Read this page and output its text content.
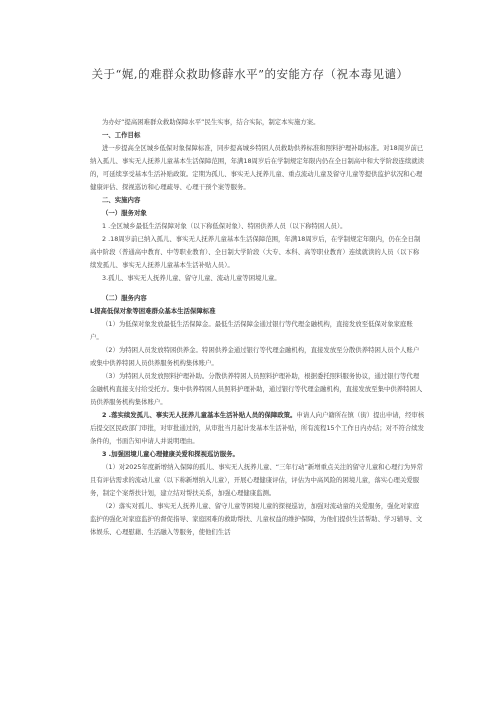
关于“娓,的难群众救助修薜水平”的安能方存（祝本毒见谴）

为办好“提高困难群众救助保障水平”民生实事，结合实际，制定本实施方案。

一、工作目标

进一步提高全区城乡低保对象保障标准，同步提高城乡特困人员救助供养标准和照料护理补助标准。对18周岁前已纳入孤儿、事实无人抚养儿童基本生活保障范围，年满18周岁后在学制规定年限内仍在全日制高中和大学阶段连续就读的，可延续享受基本生活补贴政策。定期为孤儿、事实无人抚养儿童、重点流动儿童及留守儿童等提供监护状况和心理健康评估、探视巡访和心理疏导、心理干预个案等服务。

二、实施内容

（一）服务对象

1 .全区城乡最低生活保障对象（以下称低保对象）、特困供养人员（以下称特困人员）。

2 .18周岁前已纳入孤儿、事实无人抚养儿童基本生活保障范围，年满18周岁后，在学制规定年限内，仍在全日制高中阶段（普通高中教育、中等职业教育）、全日制大学阶段（大专、本科、高等职业教育）连续就读的人员（以下称续发孤儿、事实无人抚养儿童基本生活补贴人员）。

3.孤儿、事实无人抚养儿童、留守儿童、流动儿童等困境儿童。

（二）服务内容

L提高低保对象等困难群众基本生活保障标准

（1）为低保对象发放最低生活保障金。最低生活保障金通过银行等代理金融机构，直接发放至低保对象家庭账户。

（2）为特困人员发放特困供养金。特困供养金通过银行等代理金融机构，直接发放至分散供养特困人员个人账户或集中供养特困人员供养服务机构集体账户。

（3）为特困人员发放照料护理补助。分散供养特困人员照料护理补助，根据委托照料服务协议，通过银行等代理金融机构直接支付给受托方。集中供养特困人员照料护理补助，通过银行等代理金融机构，直接发放至集中供养特困人员供养服务机构集体账户。

2 .落实续发孤儿、事实无人抚养儿童基本生活补贴人员的保障政策。申请人向户籍所在镇（街）提出申请，经审核后提交区民政部门审批，对审批通过的，从审批当月起计发基本生活补贴，所有流程15个工作日内办结；对不符合续发条件的，书面告知申请人并说明理由。

3 .加强困境儿童心理健康关爱和探视巡访服务。

（1）对2025年度新增纳入保障的孤儿、事实无人抚养儿童、“三年行动”新增重点关注的留守儿童和心理行为异常且有评估需求的流动儿童（以下称新增纳入儿童），开展心理健康评估，评估为中高风险的困境儿童，落实心理关爱服务，制定个案帮扶计划，建立结对帮扶关系，加强心理健康监测。

（2）落实对孤儿、事实无人抚养儿童、留守儿童等困境儿童的探视巡访，加强对流动童的关爱服务，强化对家庭监护的强化对家庭监护的督促指导、家庭困难的救助帮扶、儿童权益的维护保障，为他们提供生活帮助、学习辅导、文体娱乐、心理慰藉、生活融入等服务，使他们生活
